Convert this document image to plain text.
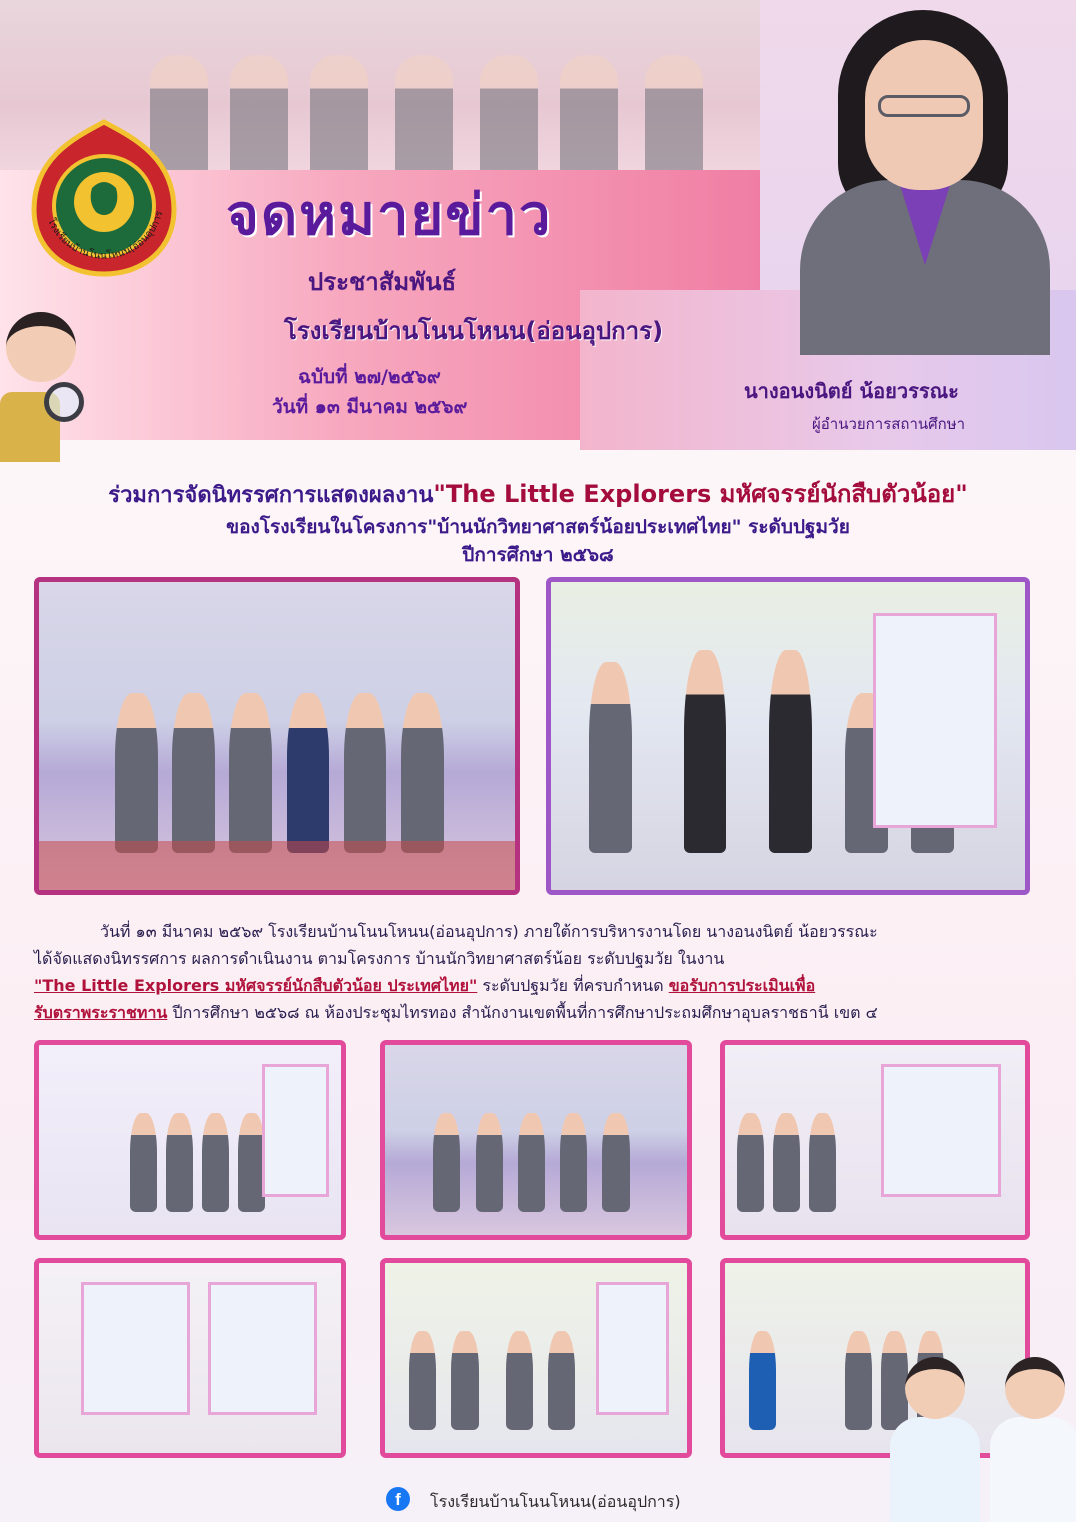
โรงเรียนบ้านโนนโหนน(อ่อนอุปการ จดหมายข่าว
ประชาสัมพันธ์
โรงเรียนบ้านโนนโหนน(อ่อนอุปการ)
ฉบับที่ ๒๗/๒๕๖๙
วันที่ ๑๓ มีนาคม ๒๕๖๙
นางอนงนิตย์ น้อยวรรณะ
ผู้อำนวยการสถานศึกษา
ร่วมการจัดนิทรรศการแสดงผลงาน"The Little Explorers มหัศจรรย์นักสืบตัวน้อย"
ของโรงเรียนในโครงการ"บ้านนักวิทยาศาสตร์น้อยประเทศไทย" ระดับปฐมวัย
ปีการศึกษา ๒๕๖๘
วันที่ ๑๓ มีนาคม ๒๕๖๙ โรงเรียนบ้านโนนโหนน(อ่อนอุปการ) ภายใต้การบริหารงานโดย นางอนงนิตย์ น้อยวรรณะ
ได้จัดแสดงนิทรรศการ ผลการดำเนินงาน ตามโครงการ บ้านนักวิทยาศาสตร์น้อย ระดับปฐมวัย ในงาน
"The Little Explorers มหัศจรรย์นักสืบตัวน้อย ประเทศไทย" ระดับปฐมวัย ที่ครบกำหนด ขอรับการประเมินเพื่อ
รับตราพระราชทาน ปีการศึกษา ๒๕๖๘ ณ ห้องประชุมไทรทอง สำนักงานเขตพื้นที่การศึกษาประถมศึกษาอุบลราชธานี เขต ๔
f	โรงเรียนบ้านโนนโหนน(อ่อนอุปการ)
